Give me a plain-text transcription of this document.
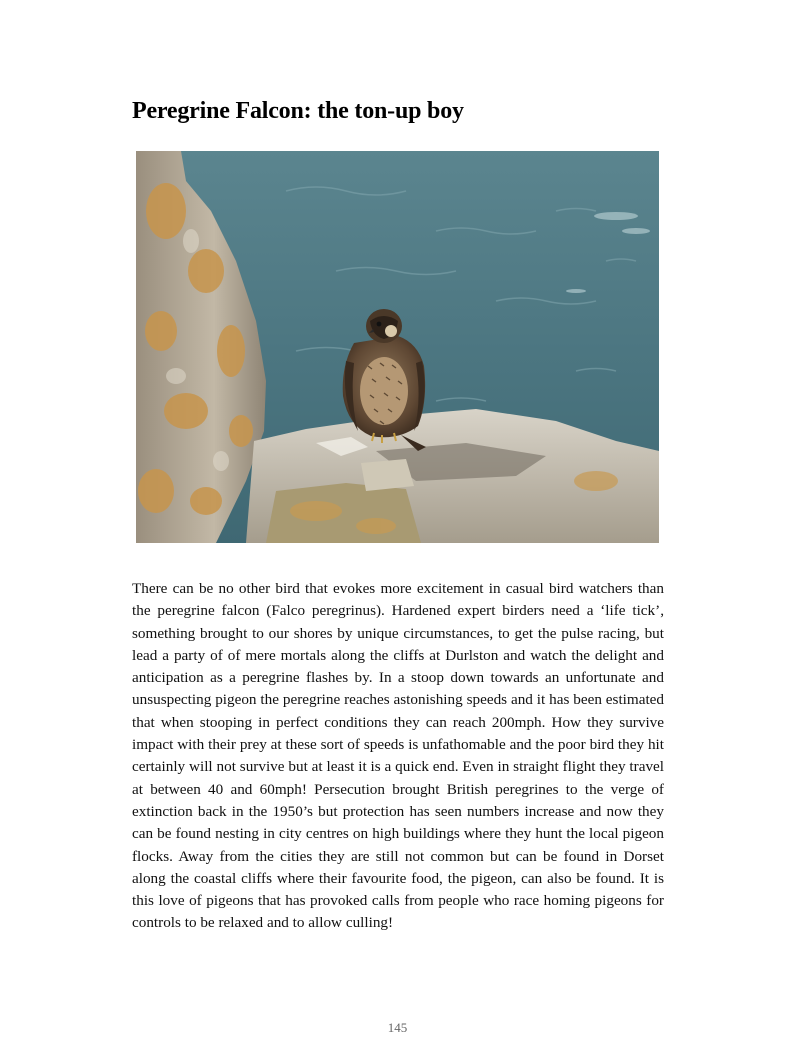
Peregrine Falcon: the ton-up boy

There can be no other bird that evokes more excitement in casual bird watchers than the peregrine falcon (Falco peregrinus). Hardened expert birders need a ‘life tick’, something brought to our shores by unique circumstances, to get the pulse racing, but lead a party of of mere mortals along the cliffs at Durlston and watch the delight and anticipation as a peregrine flashes by. In a stoop down towards an unfortunate and unsuspecting pigeon the peregrine reaches astonishing speeds and it has been estimated that when stooping in perfect conditions they can reach 200mph. How they survive impact with their prey at these sort of speeds is unfathomable and the poor bird they hit certainly will not survive but at least it is a quick end. Even in straight flight they travel at between 40 and 60mph! Persecution brought British peregrines to the verge of extinction back in the 1950’s but protection has seen numbers increase and now they can be found nesting in city centres on high buildings where they hunt the local pigeon flocks. Away from the cities they are still not common but can be found in Dorset along the coastal cliffs where their favourite food, the pigeon, can also be found. It is this love of pigeons that has provoked calls from people who race homing pigeons for controls to be relaxed and to allow culling!

145
